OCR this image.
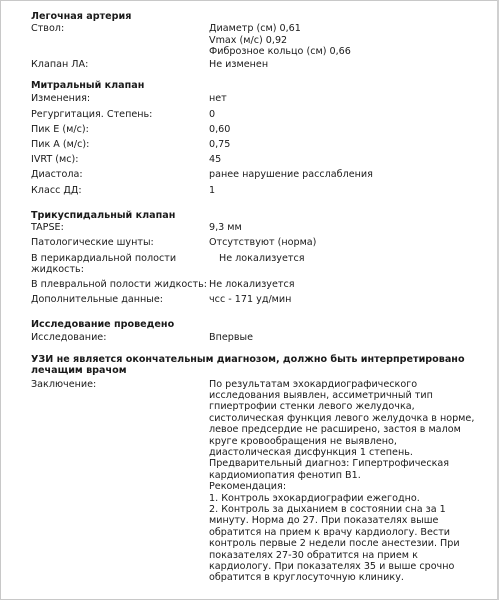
Легочная артерия
Ствол:	Диаметр (см) 0,61
Vmax (м/с) 0,92
Фиброзное кольцо (см) 0,66
Клапан ЛА:	Не изменен
Митральный клапан
Изменения:	нет
Регургитация. Степень:	0
Пик E (м/с):	0,60
Пик A (м/с):	0,75
IVRT (мс):	45
Диастола:	ранее нарушение расслабления
Класс ДД:	1
Трикуспидальный клапан
TAPSE:	9,3 мм
Патологические шунты:	Отсутствуют (норма)
В перикардиальной полости жидкость:
Не локализуется
В плевральной полости жидкость: Не локализуется
Дополнительные данные:	чсс - 171 уд/мин
Исследование проведено
Исследование:	Впервые
УЗИ не является окончательным диагнозом, должно быть интерпретировано лечащим врачом
Заключение:	По результатам эхокардиографического
исследования выявлен, ассиметричный тип
гпиертрофии стенки левого желудочка,
систолическая функция левого желудочка в норме,
левое предсердие не расширено, застоя в малом
круге кровообращения не выявлено,
диастолическая дисфункция 1 степень.
Предварительный диагноз: Гипертрофическая
кардиомиопатия фенотип B1.
Рекомендация:
1. Контроль эхокардиографии ежегодно.
2. Контроль за дыханием в состоянии сна за 1
минуту. Норма до 27. При показателях выше
обратится на прием к врачу кардиологу. Вести
контроль первые 2 недели после анестезии. При
показателях 27-30 обратится на прием к
кардиологу. При показателях 35 и выше срочно
обратится в круглосуточную клинику.
